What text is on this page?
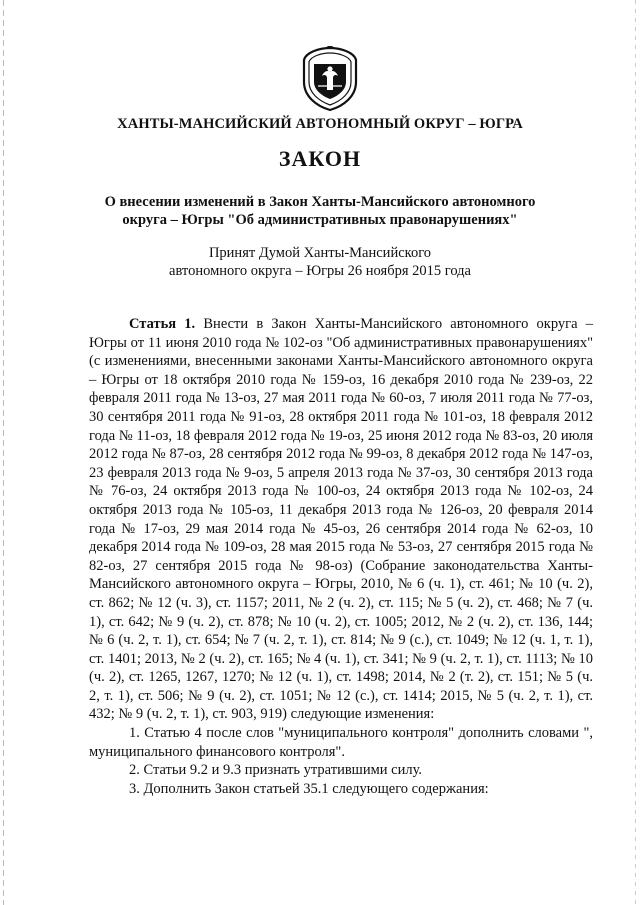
ХАНТЫ-МАНСИЙСКИЙ АВТОНОМНЫЙ ОКРУГ – ЮГРА
ЗАКОН
О внесении изменений в Закон Ханты-Мансийского автономного
округа – Югры "Об административных правонарушениях"
Принят Думой Ханты-Мансийского
автономного округа – Югры 26 ноября 2015 года

Статья 1. Внести в Закон Ханты-Мансийского автономного округа – Югры от 11 июня 2010 года № 102-оз "Об административных правонарушениях" (с изменениями, внесенными законами Ханты-Мансийского автономного округа – Югры от 18 октября 2010 года № 159-оз, 16 декабря 2010 года № 239-оз, 22 февраля 2011 года № 13-оз, 27 мая 2011 года № 60-оз, 7 июля 2011 года № 77-оз, 30 сентября 2011 года № 91-оз, 28 октября 2011 года № 101-оз, 18 февраля 2012 года № 11-оз, 18 февраля 2012 года № 19-оз, 25 июня 2012 года № 83-оз, 20 июля 2012 года № 87-оз, 28 сентября 2012 года № 99-оз, 8 декабря 2012 года № 147-оз, 23 февраля 2013 года № 9-оз, 5 апреля 2013 года № 37-оз, 30 сентября 2013 года № 76-оз, 24 октября 2013 года № 100-оз, 24 октября 2013 года № 102-оз, 24 октября 2013 года № 105-оз, 11 декабря 2013 года № 126-оз, 20 февраля 2014 года № 17-оз, 29 мая 2014 года № 45-оз, 26 сентября 2014 года № 62-оз, 10 декабря 2014 года № 109-оз, 28 мая 2015 года № 53-оз, 27 сентября 2015 года № 82-оз, 27 сентября 2015 года № 98-оз) (Собрание законодательства Ханты-Мансийского автономного округа – Югры, 2010, № 6 (ч. 1), ст. 461; № 10 (ч. 2), ст. 862; № 12 (ч. 3), ст. 1157; 2011, № 2 (ч. 2), ст. 115; № 5 (ч. 2), ст. 468; № 7 (ч. 1), ст. 642; № 9 (ч. 2), ст. 878; № 10 (ч. 2), ст. 1005; 2012, № 2 (ч. 2), ст. 136, 144; № 6 (ч. 2, т. 1), ст. 654; № 7 (ч. 2, т. 1), ст. 814; № 9 (с.), ст. 1049; № 12 (ч. 1, т. 1), ст. 1401; 2013, № 2 (ч. 2), ст. 165; № 4 (ч. 1), ст. 341; № 9 (ч. 2, т. 1), ст. 1113; № 10 (ч. 2), ст. 1265, 1267, 1270; № 12 (ч. 1), ст. 1498; 2014, № 2 (т. 2), ст. 151; № 5 (ч. 2, т. 1), ст. 506; № 9 (ч. 2), ст. 1051; № 12 (с.), ст. 1414; 2015, № 5 (ч. 2, т. 1), ст. 432; № 9 (ч. 2, т. 1), ст. 903, 919) следующие изменения:

1. Статью 4 после слов "муниципального контроля" дополнить словами ", муниципального финансового контроля".

2. Статьи 9.2 и 9.3 признать утратившими силу.

3. Дополнить Закон статьей 35.1 следующего содержания:
